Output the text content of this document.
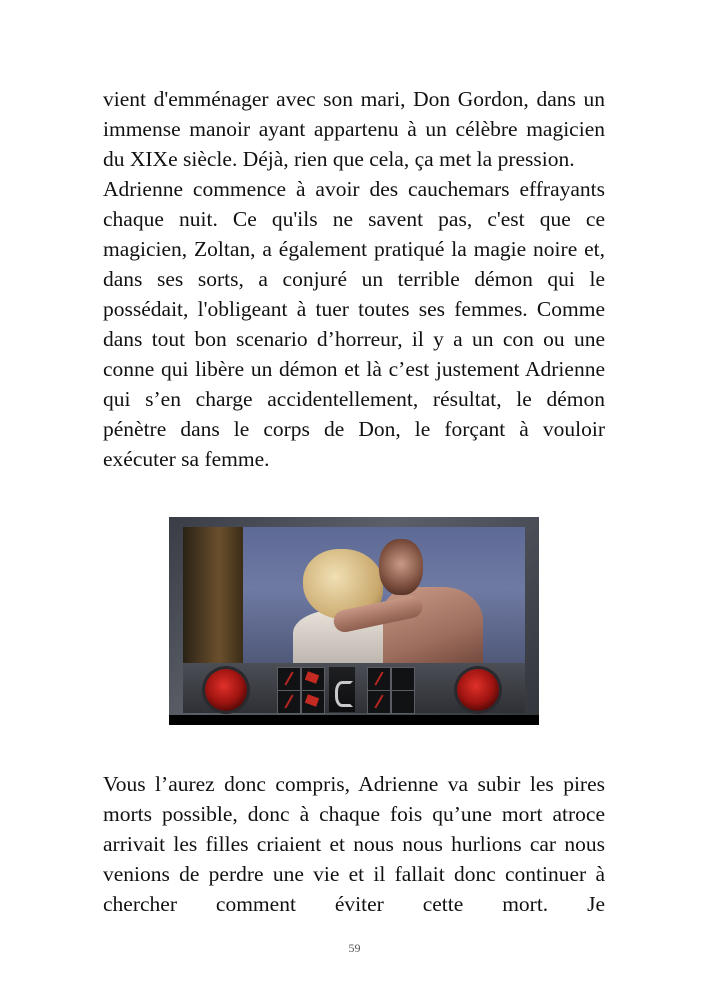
vient d'emménager avec son mari, Don Gordon, dans un immense manoir ayant appartenu à un célèbre magicien du XIXe siècle. Déjà, rien que cela, ça met la pression.

Adrienne commence à avoir des cauchemars effrayants chaque nuit. Ce qu'ils ne savent pas, c'est que ce magicien, Zoltan, a également pratiqué la magie noire et, dans ses sorts, a conjuré un terrible démon qui le possédait, l'obligeant à tuer toutes ses femmes. Comme dans tout bon scenario d’horreur, il y a un con ou une conne qui libère un démon et là c’est justement Adrienne qui s’en charge accidentellement, résultat, le démon pénètre dans le corps de Don, le forçant à vouloir exécuter sa femme.

Vous l’aurez donc compris, Adrienne va subir les pires morts possible, donc à chaque fois qu’une mort atroce arrivait les filles criaient et nous nous hurlions car nous venions de perdre une vie et il fallait donc continuer à chercher comment éviter cette mort. Je

59
